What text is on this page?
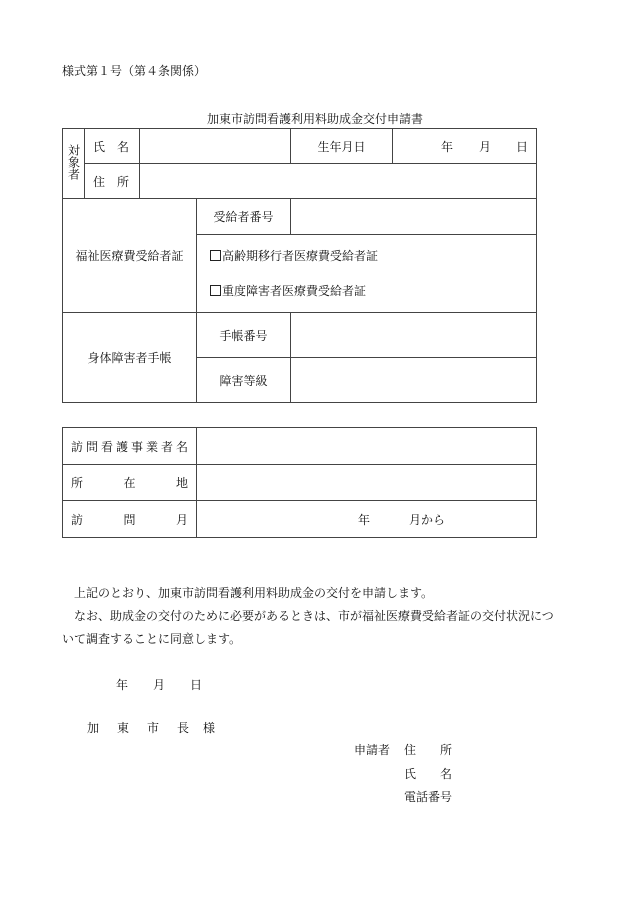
様式第１号（第４条関係）
加東市訪問看護利用料助成金交付申請書
対象者	氏　名			生年月日	年 月 日

	住　所				
福祉医療費受給者証			受給者番号		

			高齢期移行者医療費受給者証
重度障害者医療費受給者証		

身体障害者手帳			手帳番号		
			障害等級		
訪問看護事業者名	

所 在 地	

訪 問 月	年 月から
上記のとおり、加東市訪問看護利用料助成金の交付を申請します。
なお、助成金の交付のために必要があるときは、市が福祉医療費受給者証の交付状況につ
いて調査することに同意します。
年 月 日
加 東 市 長	様
申請者 住　　所
氏　　名
電話番号
